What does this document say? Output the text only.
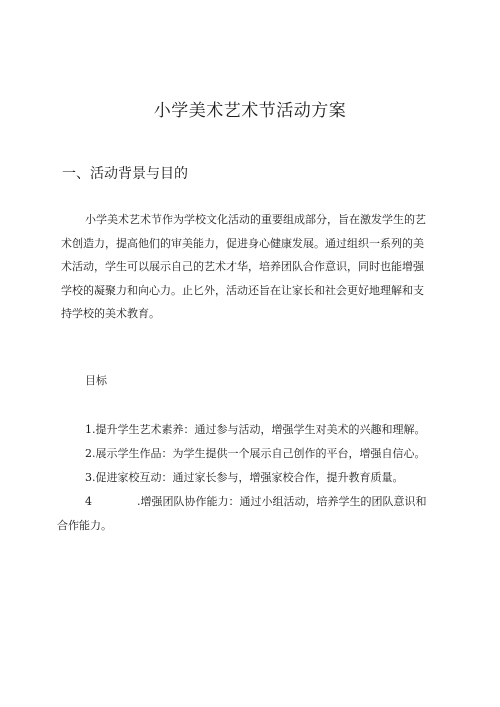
小学美术艺术节活动方案
一、活动背景与目的

小学美术艺术节作为学校文化活动的重要组成部分，旨在激发学生的艺
术创造力，提高他们的审美能力，促进身心健康发展。通过组织一系列的美
术活动，学生可以展示自己的艺术才华，培养团队合作意识，同时也能增强
学校的凝聚力和向心力。止匕外，活动还旨在让家长和社会更好地理解和支
持学校的美术教育。

目标

1.提升学生艺术素养：通过参与活动，增强学生对美术的兴趣和理解。
2.展示学生作品：为学生提供一个展示自己创作的平台，增强自信心。
3.促进家校互动：通过家长参与，增强家校合作，提升教育质量。
4	.增强团队协作能力：通过小组活动，培养学生的团队意识和
合作能力。
